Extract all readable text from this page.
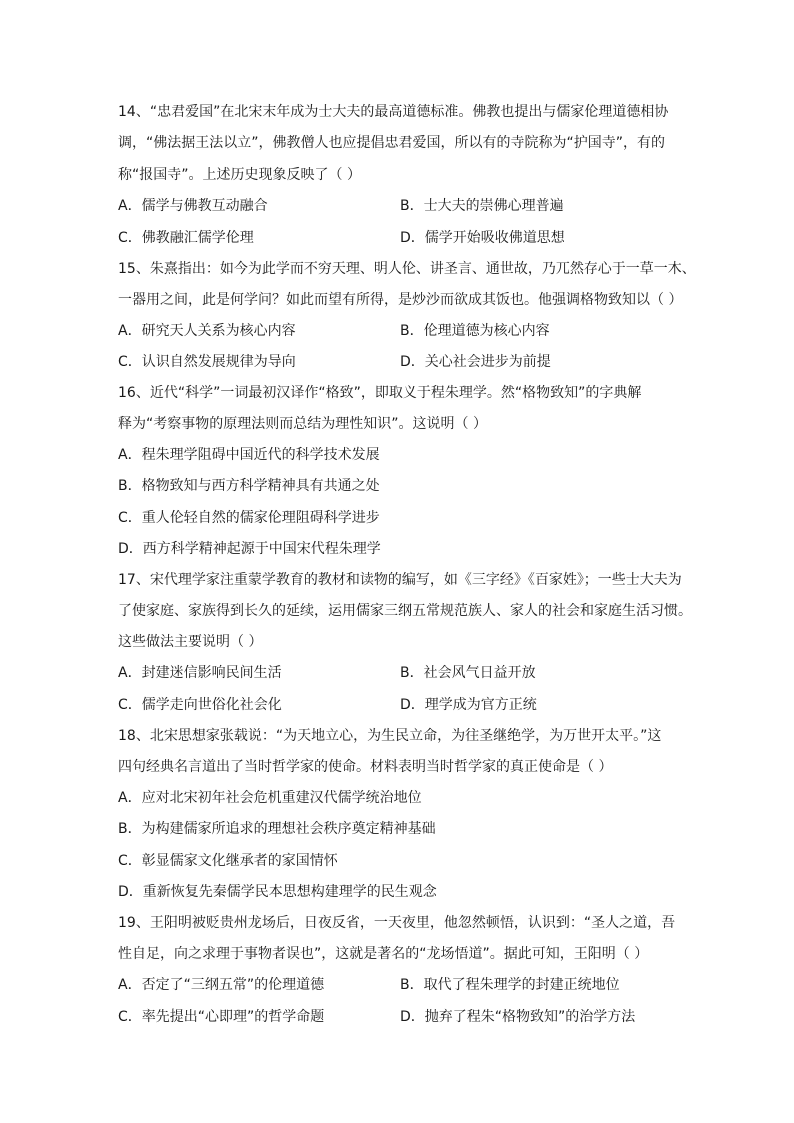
14、“忠君爱国”在北宋末年成为士大夫的最高道德标准。佛教也提出与儒家伦理道德相协
调，“佛法据王法以立”，佛教僧人也应提倡忠君爱国，所以有的寺院称为“护国寺”，有的
称“报国寺”。上述历史现象反映了（ ）
A．儒学与佛教互动融合	B．士大夫的崇佛心理普遍
C．佛教融汇儒学伦理	D．儒学开始吸收佛道思想
15、朱熹指出：如今为此学而不穷天理、明人伦、讲圣言、通世故，乃兀然存心于一草一木、
一器用之间，此是何学问？如此而望有所得，是炒沙而欲成其饭也。他强调格物致知以（ ）
A．研究天人关系为核心内容	B．伦理道德为核心内容
C．认识自然发展规律为导向	D．关心社会进步为前提
16、近代“科学”一词最初汉译作“格致”，即取义于程朱理学。然“格物致知”的字典解
释为“考察事物的原理法则而总结为理性知识”。这说明（ ）
A．程朱理学阻碍中国近代的科学技术发展
B．格物致知与西方科学精神具有共通之处
C．重人伦轻自然的儒家伦理阻碍科学进步
D．西方科学精神起源于中国宋代程朱理学
17、宋代理学家注重蒙学教育的教材和读物的编写，如《三字经》《百家姓》；一些士大夫为
了使家庭、家族得到长久的延续，运用儒家三纲五常规范族人、家人的社会和家庭生活习惯。
这些做法主要说明（ ）
A．封建迷信影响民间生活	B．社会风气日益开放
C．儒学走向世俗化社会化	D．理学成为官方正统
18、北宋思想家张载说：“为天地立心，为生民立命，为往圣继绝学，为万世开太平。”这
四句经典名言道出了当时哲学家的使命。材料表明当时哲学家的真正使命是（ ）
A．应对北宋初年社会危机重建汉代儒学统治地位
B．为构建儒家所追求的理想社会秩序奠定精神基础
C．彰显儒家文化继承者的家国情怀
D．重新恢复先秦儒学民本思想构建理学的民生观念
19、王阳明被贬贵州龙场后，日夜反省，一天夜里，他忽然顿悟，认识到：“圣人之道，吾
性自足，向之求理于事物者误也”，这就是著名的“龙场悟道”。据此可知，王阳明（ ）
A．否定了“三纲五常”的伦理道德	B．取代了程朱理学的封建正统地位
C．率先提出“心即理”的哲学命题	D．抛弃了程朱“格物致知”的治学方法
